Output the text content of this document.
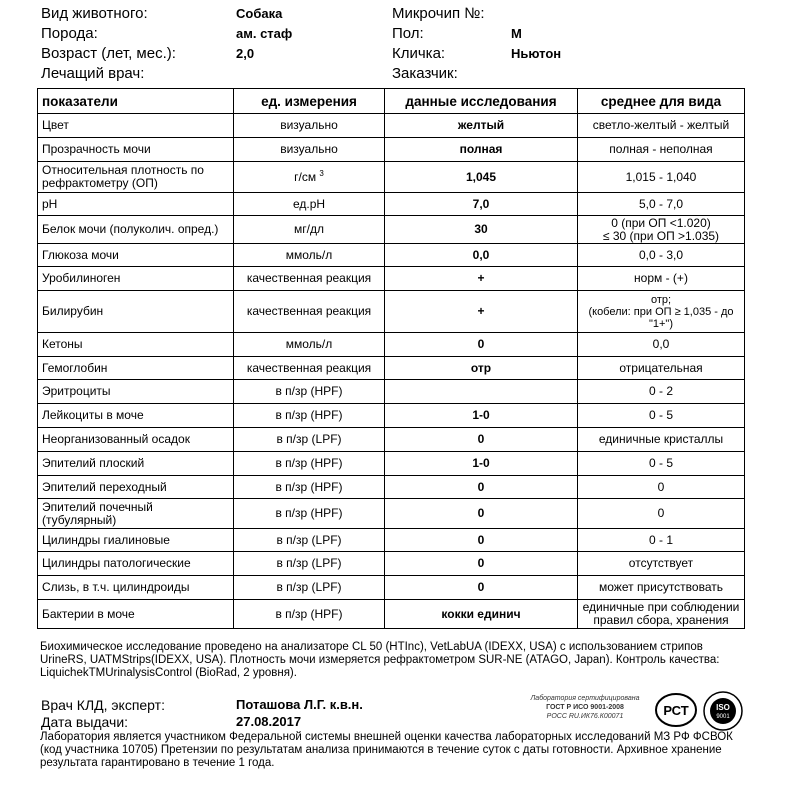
Вид животного:	Собака
Порода:	ам. стаф
Возраст (лет, мес.):	2,0
Лечащий врач:
Микрочип №:
Пол:	М
Кличка:	Ньютон
Заказчик:
показатели	ед. измерения	данные исследования	среднее для вида
Цвет	визуально	желтый	светло-желтый - желтый
Прозрачность мочи	визуально	полная	полная - неполная
Относительная плотность по рефрактометру (ОП)	г/см $^3$	1,045	1,015 - 1,040
pH	ед.pH	7,0	5,0 - 7,0
Белок мочи (полуколич. опред.)	мг/дл	30	0 (при ОП <1.020)
≤ 30 (при ОП >1.035)
Глюкоза мочи	ммоль/л	0,0	0,0 - 3,0
Уробилиноген	качественная реакция	+	норм - (+)
Билирубин	качественная реакция	+	отр;
(кобели: при ОП ≥ 1,035 - до
"1+")
Кетоны	ммоль/л	0	0,0
Гемоглобин	качественная реакция	отр	отрицательная
Эритроциты	в п/зр (HPF)		0 - 2
Лейкоциты в моче	в п/зр (HPF)	1-0	0 - 5
Неорганизованный осадок	в п/зр (LPF)	0	единичные кристаллы
Эпителий плоский	в п/зр (HPF)	1-0	0 - 5
Эпителий переходный	в п/зр (HPF)	0	0
Эпителий почечный
(тубулярный)	в п/зр (HPF)	0	0
Цилиндры гиалиновые	в п/зр (LPF)	0	0 - 1
Цилиндры патологические	в п/зр (LPF)	0	отсутствует
Слизь, в т.ч. цилиндроиды	в п/зр (LPF)	0	может присутствовать
Бактерии в моче	в п/зр (HPF)	кокки единич	единичные при соблюдении
правил сбора, хранения
Биохимическое исследование проведено на анализаторе CL 50 (HTInc), VetLabUA (IDEXX, USA) с использованием стрипов UrineRS, UATMStrips(IDEXX, USA). Плотность мочи измеряется рефрактометром SUR-NE (ATAGO, Japan). Контроль качества: LiquichekTMUrinalysisControl (BioRad, 2 уровня).
Врач КЛД, эксперт:	Поташова Л.Г. к.в.н.
Дата выдачи:	27.08.2017
Лаборатория сертифицирована
ГОСТ Р ИСО 9001-2008
РОСС RU.ИК76.К00071	РСТ	ISO
9001
Лаборатория является участником Федеральной системы внешней оценки качества лабораторных исследований МЗ РФ ФСВОК (код участника 10705) Претензии по результатам анализа принимаются в течение суток с даты готовности. Архивное хранение результата гарантировано в течение 1 года.
